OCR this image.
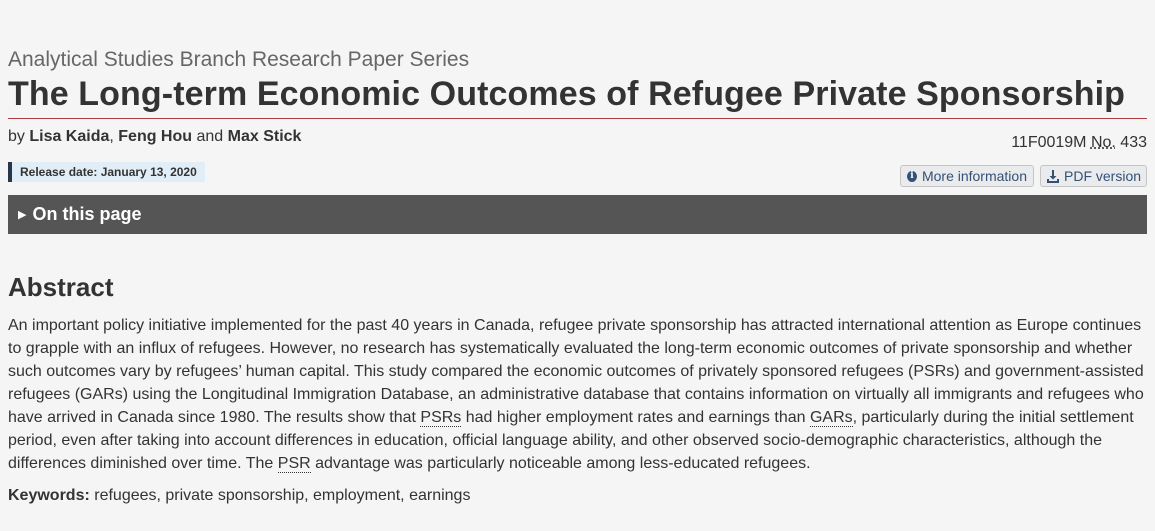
Analytical Studies Branch Research Paper Series
The Long-term Economic Outcomes of Refugee Private Sponsorship
by Lisa Kaida, Feng Hou and Max Stick	11F0019M No. 433
Release date: January 13, 2020	i More information	PDF version
▶ On this page
Abstract

An important policy initiative implemented for the past 40 years in Canada, refugee private sponsorship has attracted international attention as Europe continues to grapple with an influx of refugees. However, no research has systematically evaluated the long-term economic outcomes of private sponsorship and whether such outcomes vary by refugees’ human capital. This study compared the economic outcomes of privately sponsored refugees (PSRs) and government-assisted refugees (GARs) using the Longitudinal Immigration Database, an administrative database that contains information on virtually all immigrants and refugees who have arrived in Canada since 1980. The results show that PSRs had higher employment rates and earnings than GARs, particularly during the initial settlement period, even after taking into account differences in education, official language ability, and other observed socio-demographic characteristics, although the differences diminished over time. The PSR advantage was particularly noticeable among less-educated refugees.

Keywords: refugees, private sponsorship, employment, earnings
